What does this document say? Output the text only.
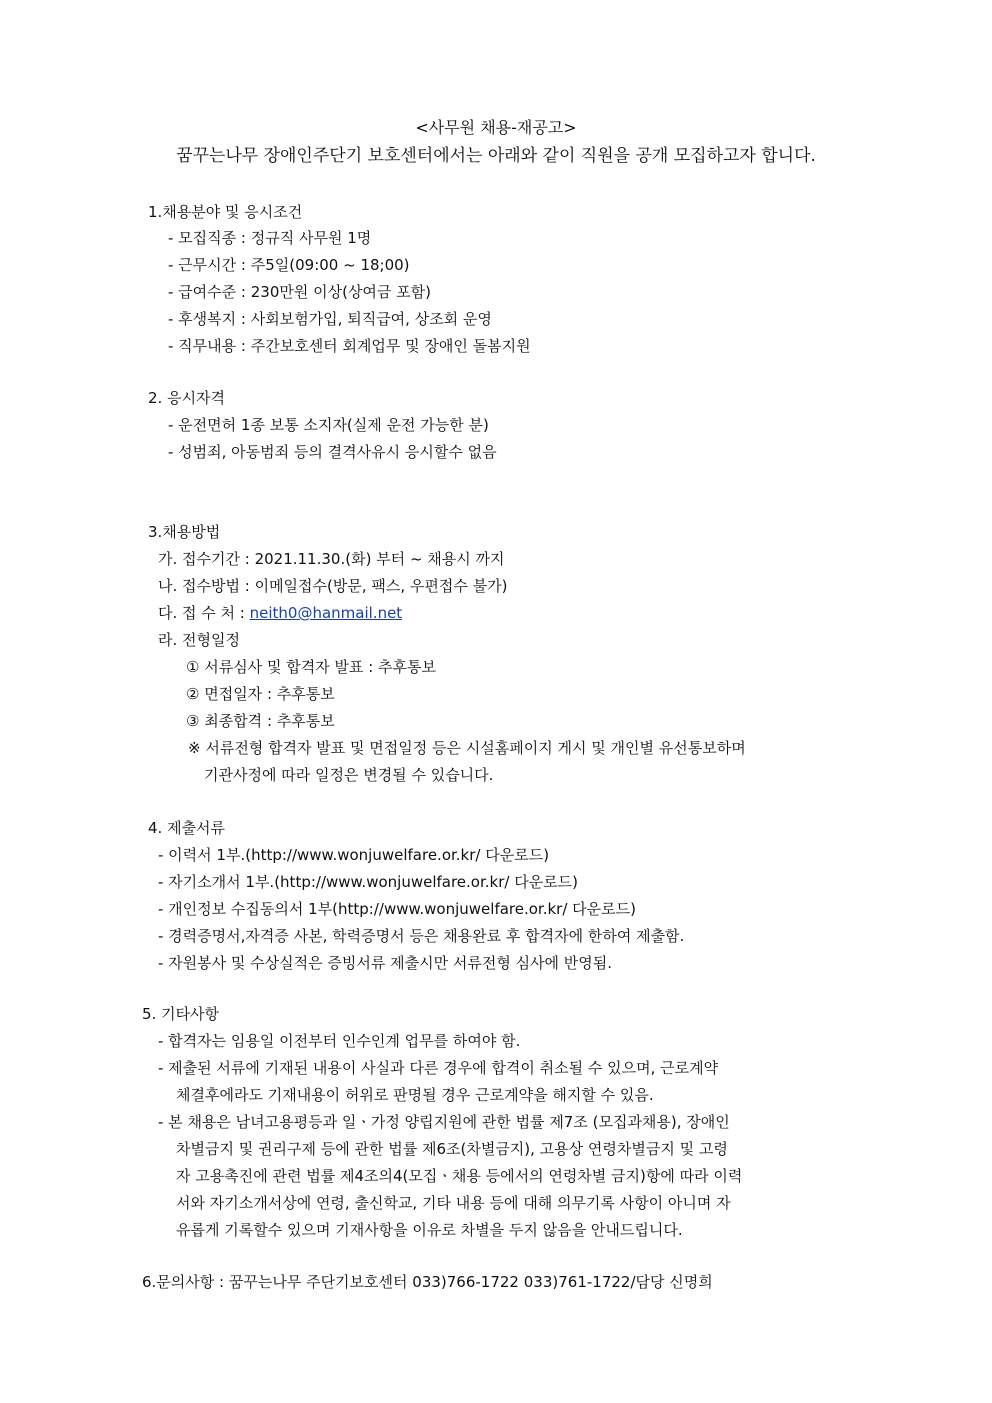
<사무원 채용-재공고>
꿈꾸는나무 장애인주단기 보호센터에서는 아래와 같이 직원을 공개 모집하고자 합니다.
1.채용분야 및 응시조건
- 모집직종 : 정규직 사무원 1명
- 근무시간 : 주5일(09:00 ~ 18;00)
- 급여수준 : 230만원 이상(상여금 포함)
- 후생복지 : 사회보험가입, 퇴직급여, 상조회 운영
- 직무내용 : 주간보호센터 회계업무 및 장애인 돌봄지원
2. 응시자격
- 운전면허 1종 보통 소지자(실제 운전 가능한 분)
- 성범죄, 아동범죄 등의 결격사유시 응시할수 없음
3.채용방법
가. 접수기간 : 2021.11.30.(화) 부터 ~ 채용시 까지
나. 접수방법 : 이메일접수(방문, 팩스, 우편접수 불가)
다. 접 수 처 : neith0@hanmail.net
라. 전형일정
① 서류심사 및 합격자 발표 : 추후통보
② 면접일자 : 추후통보
③ 최종합격 : 추후통보
※ 서류전형 합격자 발표 및 면접일정 등은 시설홈페이지 게시 및 개인별 유선통보하며
기관사정에 따라 일정은 변경될 수 있습니다.
4. 제출서류
- 이력서 1부.(http://www.wonjuwelfare.or.kr/ 다운로드)
- 자기소개서 1부.(http://www.wonjuwelfare.or.kr/ 다운로드)
- 개인정보 수집동의서 1부(http://www.wonjuwelfare.or.kr/ 다운로드)
- 경력증명서,자격증 사본, 학력증명서 등은 채용완료 후 합격자에 한하여 제출함.
- 자원봉사 및 수상실적은 증빙서류 제출시만 서류전형 심사에 반영됨.
5. 기타사항
- 합격자는 임용일 이전부터 인수인계 업무를 하여야 함.
- 제출된 서류에 기재된 내용이 사실과 다른 경우에 합격이 취소될 수 있으며, 근로계약
체결후에라도 기재내용이 허위로 판명될 경우 근로계약을 해지할 수 있음.
- 본 채용은 남녀고용평등과 일ㆍ가정 양립지원에 관한 법률 제7조 (모집과채용), 장애인
차별금지 및 권리구제 등에 관한 법률 제6조(차별금지), 고용상 연령차별금지 및 고령
자 고용촉진에 관련 법률 제4조의4(모집ㆍ채용 등에서의 연령차별 금지)항에 따라 이력
서와 자기소개서상에 연령, 출신학교, 기타 내용 등에 대해 의무기록 사항이 아니며 자
유롭게 기록할수 있으며 기재사항을 이유로 차별을 두지 않음을 안내드립니다.
6.문의사항 : 꿈꾸는나무 주단기보호센터 033)766-1722 033)761-1722/담당 신명희
